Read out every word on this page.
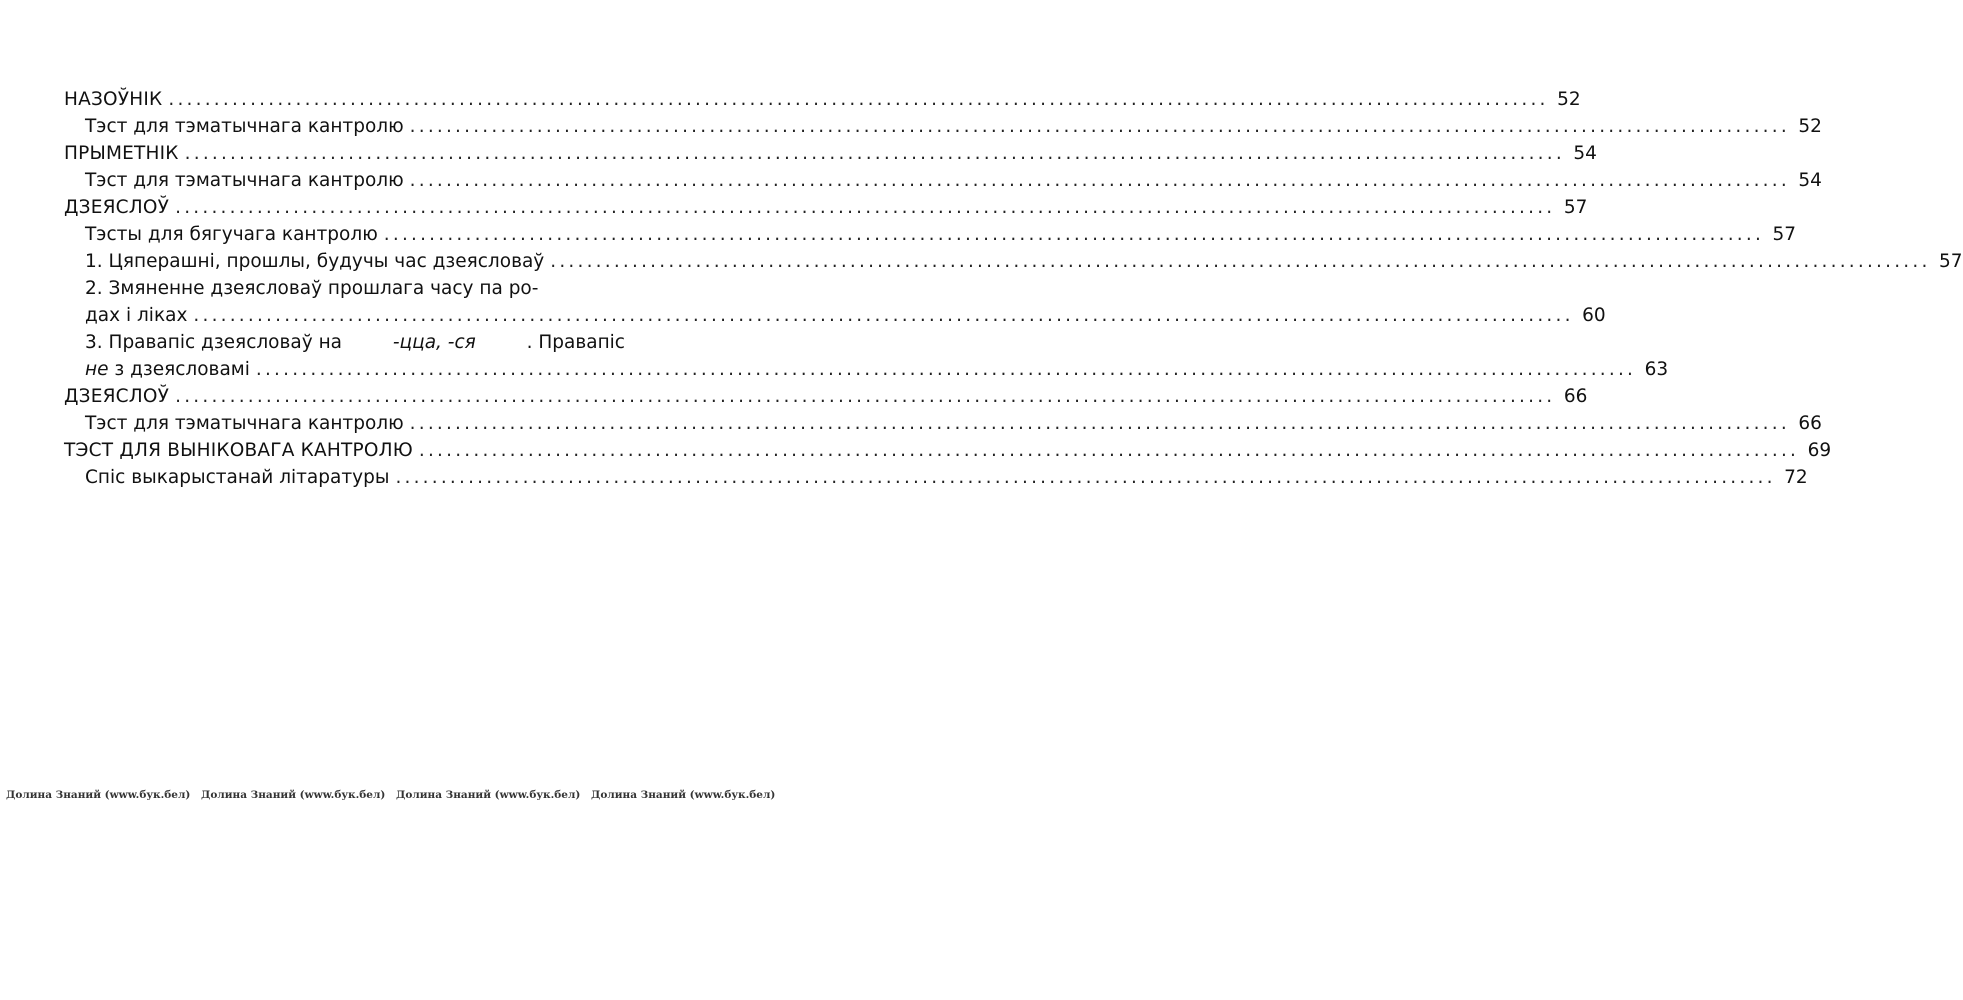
НАЗОЎНІК .....	52
Тэст для тэматычнага кантролю .....	52
ПРЫМЕТНІК .....	54
Тэст для тэматычнага кантролю .....	54
ДЗЕЯСЛОЎ .....	57
Тэсты для бягучага кантролю .....	57
1. Цяперашні, прошлы, будучы час дзеясловаў .....	57
2. Змяненне дзеясловаў прошлага часу па ро-
дах і ліках .....	60
3. Правапіс дзеясловаў на	-цца, -ся	. Правапіс
не з дзеясловамі .....	63
ДЗЕЯСЛОЎ .....	66
Тэст для тэматычнага кантролю .....	66
ТЭСТ ДЛЯ ВЫНІКОВАГА КАНТРОЛЮ .....	69
Спіс выкарыстанай літаратуры .....	72
Долина Знаний (www.бук.бел) Долина Знаний (www.бук.бел) Долина Знаний (www.бук.бел) Долина Знаний (www.бук.бел)
